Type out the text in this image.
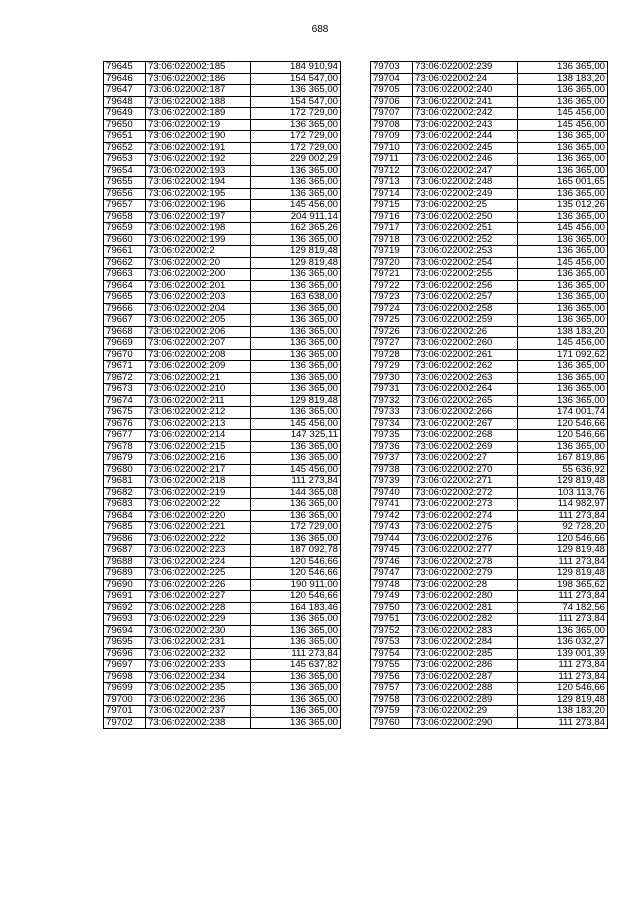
688
79645	73:06:022002:185	184 910,94
79646	73:06:022002:186	154 547,00
79647	73:06:022002:187	136 365,00
79648	73:06:022002:188	154 547,00
79649	73:06:022002:189	172 729,00
79650	73:06:022002:19	136 365,00
79651	73:06:022002:190	172 729,00
79652	73:06:022002:191	172 729,00
79653	73:06:022002:192	229 002,29
79654	73:06:022002:193	136 365,00
79655	73:06:022002:194	136 365,00
79656	73:06:022002:195	136 365,00
79657	73:06:022002:196	145 456,00
79658	73:06:022002:197	204 911,14
79659	73:06:022002:198	162 365,26
79660	73:06:022002:199	136 365,00
79661	73:06:022002:2	129 819,48
79662	73:06:022002:20	129 819,48
79663	73:06:022002:200	136 365,00
79664	73:06:022002:201	136 365,00
79665	73:06:022002:203	163 638,00
79666	73:06:022002:204	136 365,00
79667	73:06:022002:205	136 365,00
79668	73:06:022002:206	136 365,00
79669	73:06:022002:207	136 365,00
79670	73:06:022002:208	136 365,00
79671	73:06:022002:209	136 365,00
79672	73:06:022002:21	136 365,00
79673	73:06:022002:210	136 365,00
79674	73:06:022002:211	129 819,48
79675	73:06:022002:212	136 365,00
79676	73:06:022002:213	145 456,00
79677	73:06:022002:214	147 325,11
79678	73:06:022002:215	136 365,00
79679	73:06:022002:216	136 365,00
79680	73:06:022002:217	145 456,00
79681	73:06:022002:218	111 273,84
79682	73:06:022002:219	144 365,08
79683	73:06:022002:22	136 365,00
79684	73:06:022002:220	136 365,00
79685	73:06:022002:221	172 729,00
79686	73:06:022002:222	136 365,00
79687	73:06:022002:223	187 092,78
79688	73:06:022002:224	120 546,66
79689	73:06:022002:225	120 546,66
79690	73:06:022002:226	190 911,00
79691	73:06:022002:227	120 546,66
79692	73:06:022002:228	164 183,46
79693	73:06:022002:229	136 365,00
79694	73:06:022002:230	136 365,00
79695	73:06:022002:231	136 365,00
79696	73:06:022002:232	111 273,84
79697	73:06:022002:233	145 637,82
79698	73:06:022002:234	136 365,00
79699	73:06:022002:235	136 365,00
79700	73:06:022002:236	136 365,00
79701	73:06:022002:237	136 365,00
79702	73:06:022002:238	136 365,00
79703	73:06:022002:239	136 365,00
79704	73:06:022002:24	138 183,20
79705	73:06:022002:240	136 365,00
79706	73:06:022002:241	136 365,00
79707	73:06:022002:242	145 456,00
79708	73:06:022002:243	145 456,00
79709	73:06:022002:244	136 365,00
79710	73:06:022002:245	136 365,00
79711	73:06:022002:246	136 365,00
79712	73:06:022002:247	136 365,00
79713	73:06:022002:248	165 001,65
79714	73:06:022002:249	136 365,00
79715	73:06:022002:25	135 012,26
79716	73:06:022002:250	136 365,00
79717	73:06:022002:251	145 456,00
79718	73:06:022002:252	136 365,00
79719	73:06:022002:253	136 365,00
79720	73:06:022002:254	145 456,00
79721	73:06:022002:255	136 365,00
79722	73:06:022002:256	136 365,00
79723	73:06:022002:257	136 365,00
79724	73:06:022002:258	136 365,00
79725	73:06:022002:259	136 365,00
79726	73:06:022002:26	138 183,20
79727	73:06:022002:260	145 456,00
79728	73:06:022002:261	171 092,62
79729	73:06:022002:262	136 365,00
79730	73:06:022002:263	136 365,00
79731	73:06:022002:264	136 365,00
79732	73:06:022002:265	136 365,00
79733	73:06:022002:266	174 001,74
79734	73:06:022002:267	120 546,66
79735	73:06:022002:268	120 546,66
79736	73:06:022002:269	136 365,00
79737	73:06:022002:27	167 819,86
79738	73:06:022002:270	55 636,92
79739	73:06:022002:271	129 819,48
79740	73:06:022002:272	103 113,76
79741	73:06:022002:273	114 982,97
79742	73:06:022002:274	111 273,84
79743	73:06:022002:275	92 728,20
79744	73:06:022002:276	120 546,66
79745	73:06:022002:277	129 819,48
79746	73:06:022002:278	111 273,84
79747	73:06:022002:279	129 819,48
79748	73:06:022002:28	198 365,62
79749	73:06:022002:280	111 273,84
79750	73:06:022002:281	74 182,56
79751	73:06:022002:282	111 273,84
79752	73:06:022002:283	136 365,00
79753	73:06:022002:284	136 032,27
79754	73:06:022002:285	139 001,39
79755	73:06:022002:286	111 273,84
79756	73:06:022002:287	111 273,84
79757	73:06:022002:288	120 546,66
79758	73:06:022002:289	129 819,48
79759	73:06:022002:29	138 183,20
79760	73:06:022002:290	111 273,84
